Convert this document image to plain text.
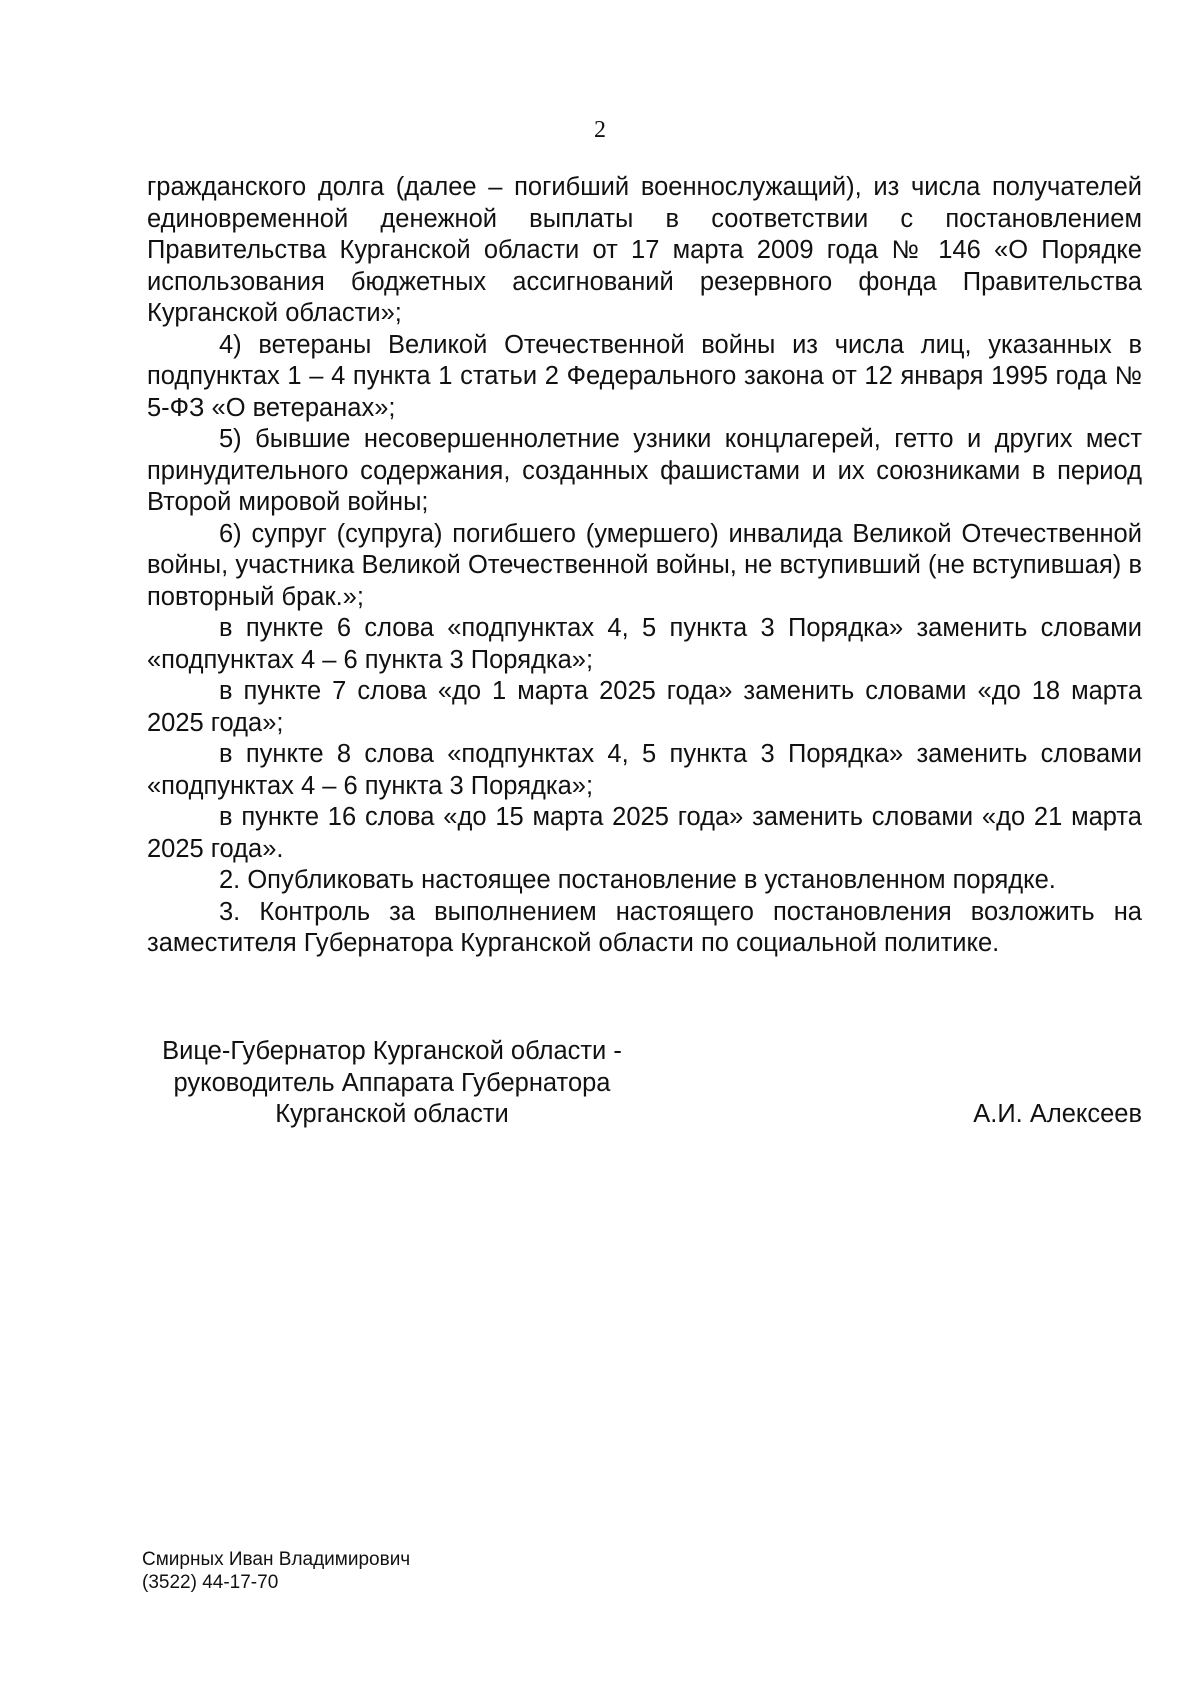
2

гражданского долга (далее – погибший военнослужащий), из числа получателей единовременной денежной выплаты в соответствии с постановлением Правительства Курганской области от 17 марта 2009 года № 146 «О Порядке использования бюджетных ассигнований резервного фонда Правительства Курганской области»;

4) ветераны Великой Отечественной войны из числа лиц, указанных в подпунктах 1 – 4 пункта 1 статьи 2 Федерального закона от 12 января 1995 года № 5-ФЗ «О ветеранах»;

5) бывшие несовершеннолетние узники концлагерей, гетто и других мест принудительного содержания, созданных фашистами и их союзниками в период Второй мировой войны;

6) супруг (супруга) погибшего (умершего) инвалида Великой Отечественной войны, участника Великой Отечественной войны, не вступивший (не вступившая) в повторный брак.»;

в пункте 6 слова «подпунктах 4, 5 пункта 3 Порядка» заменить словами «подпунктах 4 – 6 пункта 3 Порядка»;

в пункте 7 слова «до 1 марта 2025 года» заменить словами «до 18 марта 2025 года»;

в пункте 8 слова «подпунктах 4, 5 пункта 3 Порядка» заменить словами «подпунктах 4 – 6 пункта 3 Порядка»;

в пункте 16 слова «до 15 марта 2025 года» заменить словами «до 21 марта 2025 года».

2. Опубликовать настоящее постановление в установленном порядке.

3. Контроль за выполнением настоящего постановления возложить на заместителя Губернатора Курганской области по социальной политике.

Вице-Губернатор Курганской области -
руководитель Аппарата Губернатора
Курганской области	А.И. Алексеев
Смирных Иван Владимирович
(3522) 44-17-70
